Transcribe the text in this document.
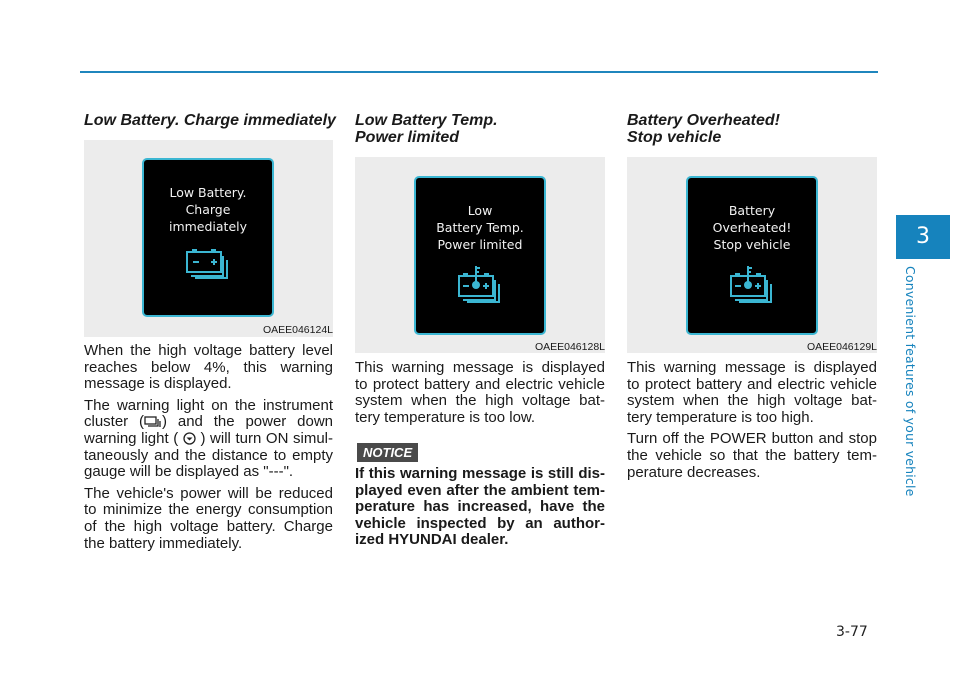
Low Battery. Charge immediately
Low Battery.
Charge
immediately
OAEE046124L
When the high voltage battery level
reaches below 4%, this warning
message is displayed.
The warning light on the instrument
cluster ( ) and the power down
warning light ( ) will turn ON simul-
taneously and the distance to empty
gauge will be displayed as "---".
The vehicle's power will be reduced
to minimize the energy consumption
of the high voltage battery. Charge
the battery immediately.
Low Battery Temp.
Power limited
Low
Battery Temp.
Power limited
OAEE046128L
This warning message is displayed
to protect battery and electric vehicle
system when the high voltage bat-
tery temperature is too low.
NOTICE
If this warning message is still dis-
played even after the ambient tem-
perature has increased, have the
vehicle inspected by an author-
ized HYUNDAI dealer.
Battery Overheated!
Stop vehicle
Battery
Overheated!
Stop vehicle
OAEE046129L
This warning message is displayed
to protect battery and electric vehicle
system when the high voltage bat-
tery temperature is too high.
Turn off the POWER button and stop
the vehicle so that the battery tem-
perature decreases.
3
Convenient features of your vehicle
3-77
